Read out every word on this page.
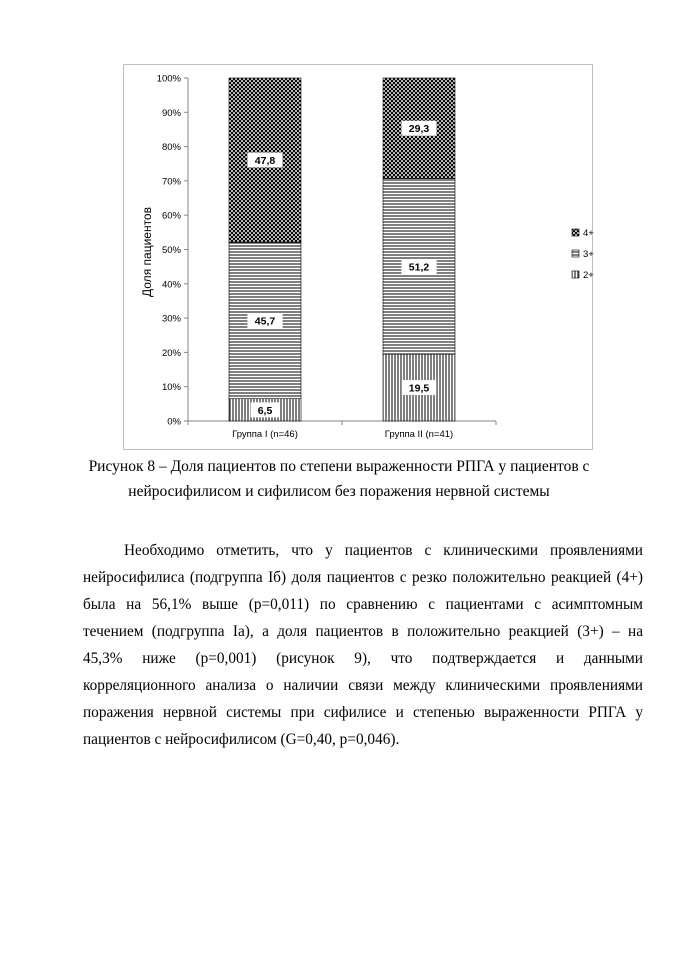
0%
10%
20%
30%
40%
50%
60%
70%
80%
90%
100%
Группа I (n=46)	Группа II (n=41)
6,5
45,7
47,8
19,5
51,2
29,3
4+
3+
2+
Доля пациентов
Рисунок 8 – Доля пациентов по степени выраженности РПГА у пациентов с
нейросифилисом и сифилисом без поражения нервной системы
Необходимо отметить, что у пациентов с клиническими проявлениями
нейросифилиса (подгруппа Iб) доля пациентов с резко положительно реакцией (4+)
была на 56,1% выше (p=0,011) по сравнению с пациентами с асимптомным
течением (подгруппа Iа), а доля пациентов в положительно реакцией (3+) – на
45,3% ниже (p=0,001) (рисунок 9), что подтверждается и данными
корреляционного анализа о наличии связи между клиническими проявлениями
поражения нервной системы при сифилисе и степенью выраженности РПГА у
пациентов с нейросифилисом (G=0,40, p=0,046).
